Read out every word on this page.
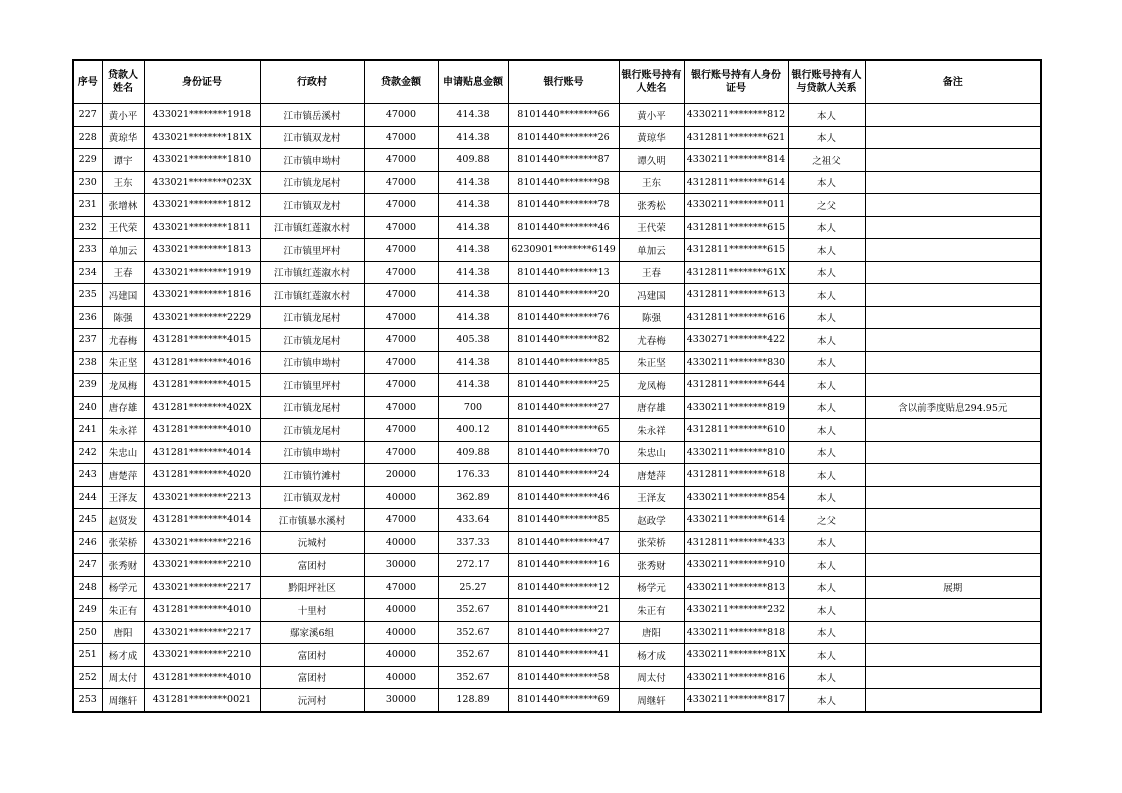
序号	贷款人姓名	身份证号	行政村	贷款金额	申请贴息金额	银行账号	银行账号持有人姓名	银行账号持有人身份证号	银行账号持有人与贷款人关系	备注
227	黄小平	433021********1918	江市镇岳溪村	47000	414.38	8101440********66	黄小平	4330211********812	本人	
228	黄琼华	433021********181X	江市镇双龙村	47000	414.38	8101440********26	黄琼华	4312811********621	本人	
229	谭宇	433021********1810	江市镇申坳村	47000	409.88	8101440********87	谭久明	4330211********814	之祖父	
230	王东	433021********023X	江市镇龙尾村	47000	414.38	8101440********98	王东	4312811********614	本人	
231	张增林	433021********1812	江市镇双龙村	47000	414.38	8101440********78	张秀松	4330211********011	之父	
232	王代荣	433021********1811	江市镇红莲溆水村	47000	414.38	8101440********46	王代荣	4312811********615	本人	
233	单加云	433021********1813	江市镇里坪村	47000	414.38	6230901********6149	单加云	4312811********615	本人	
234	王春	433021********1919	江市镇红莲溆水村	47000	414.38	8101440********13	王春	4312811********61X	本人	
235	冯建国	433021********1816	江市镇红莲溆水村	47000	414.38	8101440********20	冯建国	4312811********613	本人	
236	陈强	433021********2229	江市镇龙尾村	47000	414.38	8101440********76	陈强	4312811********616	本人	
237	尤春梅	431281********4015	江市镇龙尾村	47000	405.38	8101440********82	尤春梅	4330271********422	本人	
238	朱正坚	431281********4016	江市镇申坳村	47000	414.38	8101440********85	朱正坚	4330211********830	本人	
239	龙凤梅	431281********4015	江市镇里坪村	47000	414.38	8101440********25	龙凤梅	4312811********644	本人	
240	唐存雄	431281********402X	江市镇龙尾村	47000	700	8101440********27	唐存雄	4330211********819	本人	含以前季度贴息294.95元
241	朱永祥	431281********4010	江市镇龙尾村	47000	400.12	8101440********65	朱永祥	4312811********610	本人	
242	朱忠山	431281********4014	江市镇申坳村	47000	409.88	8101440********70	朱忠山	4330211********810	本人	
243	唐楚萍	431281********4020	江市镇竹滩村	20000	176.33	8101440********24	唐楚萍	4312811********618	本人	
244	王泽友	433021********2213	江市镇双龙村	40000	362.89	8101440********46	王泽友	4330211********854	本人	
245	赵贤发	431281********4014	江市镇暴水溪村	47000	433.64	8101440********85	赵政学	4330211********614	之父	
246	张荣桥	433021********2216	沅城村	40000	337.33	8101440********47	张荣桥	4312811********433	本人	
247	张秀财	433021********2210	富团村	30000	272.17	8101440********16	张秀财	4330211********910	本人	
248	杨学元	433021********2217	黔阳坪社区	47000	25.27	8101440********12	杨学元	4330211********813	本人	展期
249	朱正有	431281********4010	十里村	40000	352.67	8101440********21	朱正有	4330211********232	本人	
250	唐阳	433021********2217	鄢家溪6组	40000	352.67	8101440********27	唐阳	4330211********818	本人	
251	杨才成	433021********2210	富团村	40000	352.67	8101440********41	杨才成	4330211********81X	本人	
252	周太付	431281********4010	富团村	40000	352.67	8101440********58	周太付	4330211********816	本人	
253	周继轩	431281********0021	沅河村	30000	128.89	8101440********69	周继轩	4330211********817	本人	
